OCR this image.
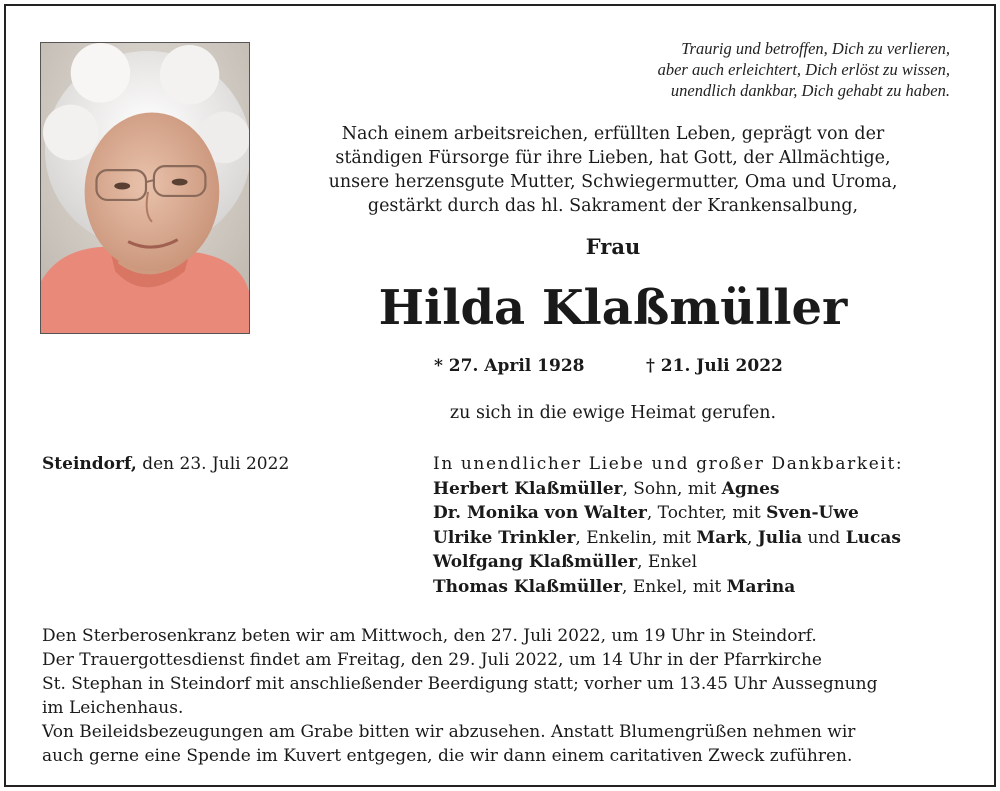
Traurig und betroffen, Dich zu verlieren,
aber auch erleichtert, Dich erlöst zu wissen,
unendlich dankbar, Dich gehabt zu haben.
Nach einem arbeitsreichen, erfüllten Leben, geprägt von der
ständigen Fürsorge für ihre Lieben, hat Gott, der Allmächtige,
unsere herzensgute Mutter, Schwiegermutter, Oma und Uroma,
gestärkt durch das hl. Sakrament der Krankensalbung,
Frau
Hilda Klaßmüller
* 27. April 1928	† 21. Juli 2022
zu sich in die ewige Heimat gerufen.
Steindorf, den 23. Juli 2022	In unendlicher Liebe und großer Dankbarkeit:
Herbert Klaßmüller, Sohn, mit Agnes
Dr. Monika von Walter, Tochter, mit Sven-Uwe
Ulrike Trinkler, Enkelin, mit Mark, Julia und Lucas
Wolfgang Klaßmüller, Enkel
Thomas Klaßmüller, Enkel, mit Marina
Den Sterberosenkranz beten wir am Mittwoch, den 27. Juli 2022, um 19 Uhr in Steindorf.
Der Trauergottesdienst findet am Freitag, den 29. Juli 2022, um 14 Uhr in der Pfarrkirche
St. Stephan in Steindorf mit anschließender Beerdigung statt; vorher um 13.45 Uhr Aussegnung
im Leichenhaus.
Von Beileidsbezeugungen am Grabe bitten wir abzusehen. Anstatt Blumengrüßen nehmen wir
auch gerne eine Spende im Kuvert entgegen, die wir dann einem caritativen Zweck zuführen.
